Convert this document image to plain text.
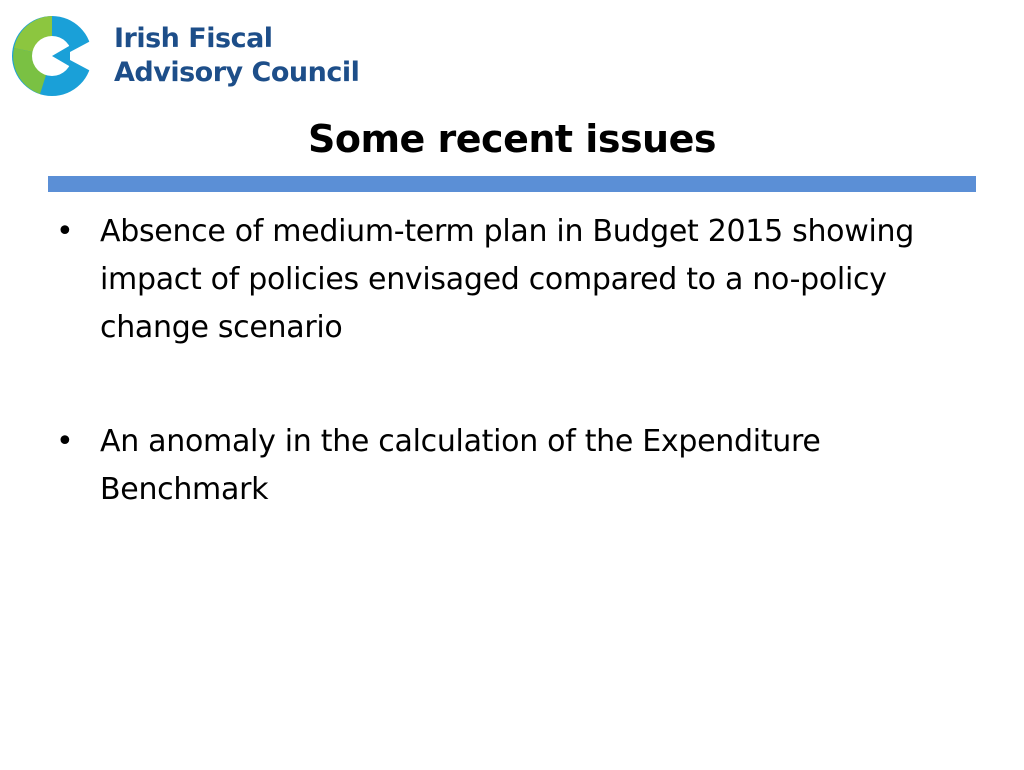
Irish Fiscal
Advisory Council
Some recent issues
• Absence of medium-term plan in Budget 2015 showing impact of policies envisaged compared to a no-policy change scenario
• An anomaly in the calculation of the Expenditure Benchmark
